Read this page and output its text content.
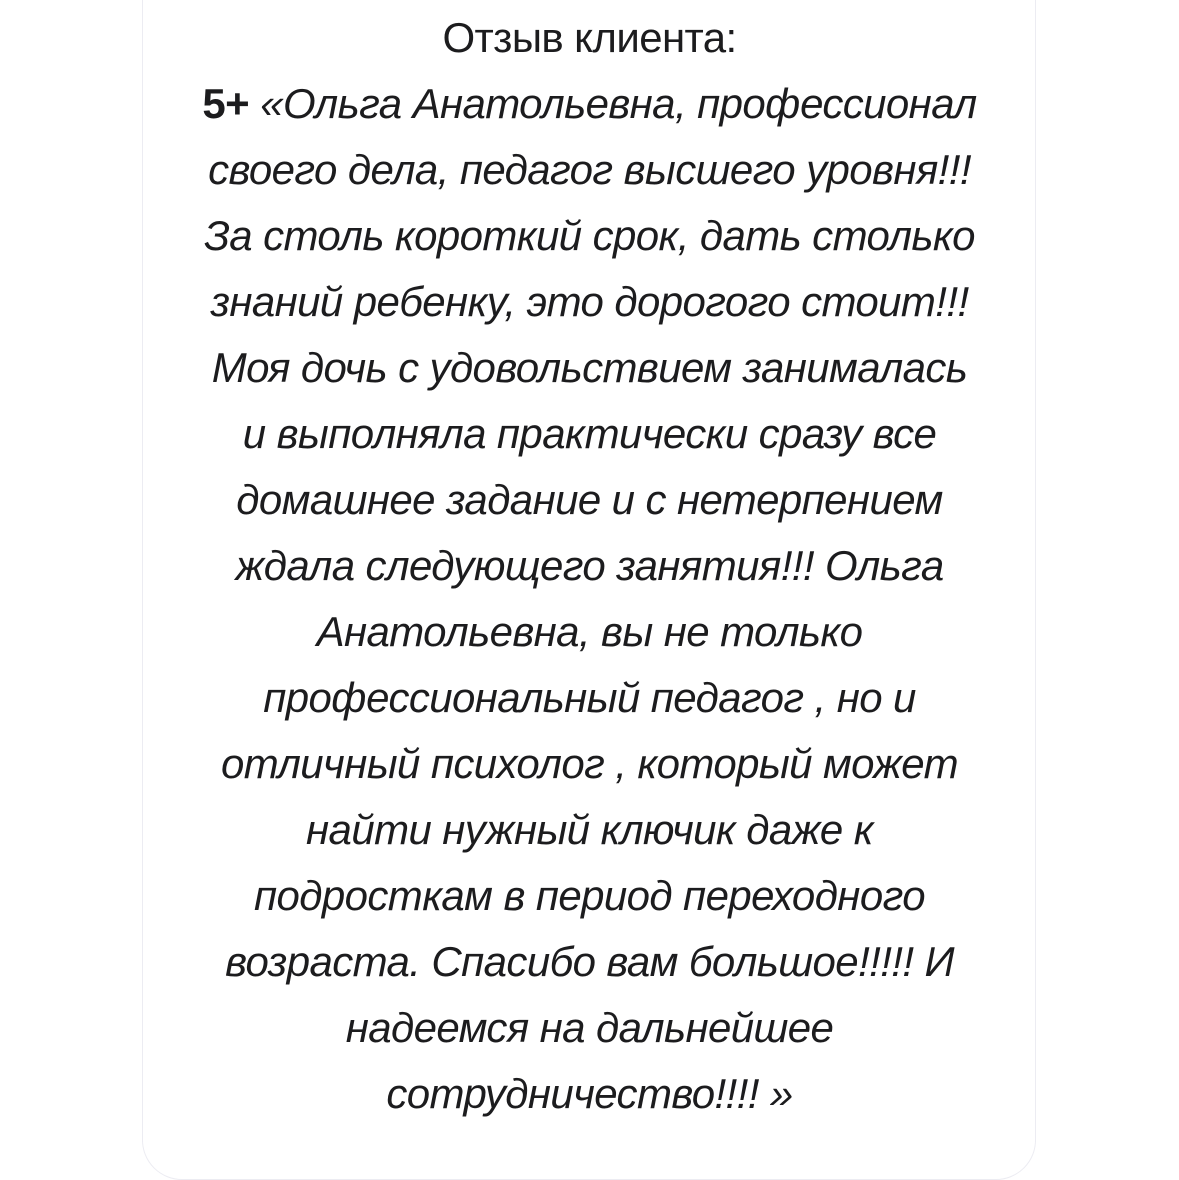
Отзыв клиента:
5+ «Ольга Анатольевна, профессионал
своего дела, педагог высшего уровня!!!
За столь короткий срок, дать столько
знаний ребенку, это дорогого стоит!!!
Моя дочь с удовольствием занималась
и выполняла практически сразу все
домашнее задание и с нетерпением
ждала следующего занятия!!! Ольга
Анатольевна, вы не только
профессиональный педагог , но и
отличный психолог , который может
найти нужный ключик даже к
подросткам в период переходного
возраста. Спасибо вам большое!!!!! И
надеемся на дальнейшее
сотрудничество!!!! »
